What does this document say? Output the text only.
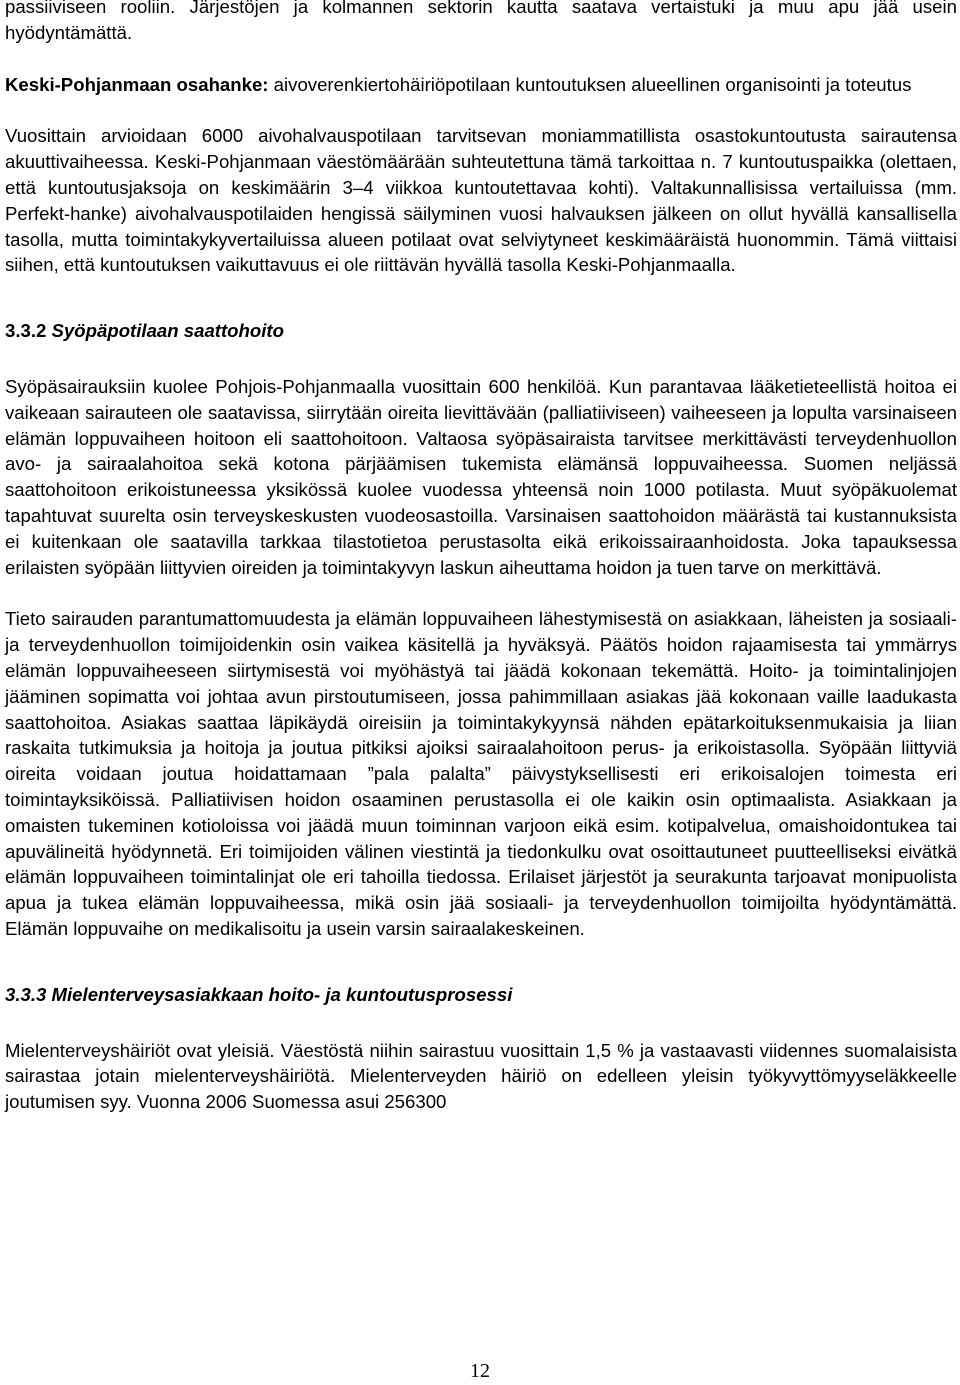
passiiviseen rooliin. Järjestöjen ja kolmannen sektorin kautta saatava vertaistuki ja muu apu jää usein hyödyntämättä.

Keski-Pohjanmaan osahanke: aivoverenkiertohäiriöpotilaan kuntoutuksen alueellinen organisointi ja toteutus

Vuosittain arvioidaan 6000 aivohalvauspotilaan tarvitsevan moniammatillista osastokuntoutusta sairautensa akuuttivaiheessa. Keski-Pohjanmaan väestömäärään suhteutettuna tämä tarkoittaa n. 7 kuntoutuspaikka (olettaen, että kuntoutusjaksoja on keskimäärin 3–4 viikkoa kuntoutettavaa kohti). Valtakunnallisissa vertailuissa (mm. Perfekt-hanke) aivohalvauspotilaiden hengissä säilyminen vuosi halvauksen jälkeen on ollut hyvällä kansallisella tasolla, mutta toimintakykyvertailuissa alueen potilaat ovat selviytyneet keskimääräistä huonommin. Tämä viittaisi siihen, että kuntoutuksen vaikuttavuus ei ole riittävän hyvällä tasolla Keski-Pohjanmaalla.

3.3.2 Syöpäpotilaan saattohoito

Syöpäsairauksiin kuolee Pohjois-Pohjanmaalla vuosittain 600 henkilöä. Kun parantavaa lääketieteellistä hoitoa ei vaikeaan sairauteen ole saatavissa, siirrytään oireita lievittävään (palliatiiviseen) vaiheeseen ja lopulta varsinaiseen elämän loppuvaiheen hoitoon eli saattohoitoon. Valtaosa syöpäsairaista tarvitsee merkittävästi terveydenhuollon avo- ja sairaalahoitoa sekä kotona pärjäämisen tukemista elämänsä loppuvaiheessa. Suomen neljässä saattohoitoon erikoistuneessa yksikössä kuolee vuodessa yhteensä noin 1000 potilasta. Muut syöpäkuolemat tapahtuvat suurelta osin terveyskeskusten vuodeosastoilla. Varsinaisen saattohoidon määrästä tai kustannuksista ei kuitenkaan ole saatavilla tarkkaa tilastotietoa perustasolta eikä erikoissairaanhoidosta. Joka tapauksessa erilaisten syöpään liittyvien oireiden ja toimintakyvyn laskun aiheuttama hoidon ja tuen tarve on merkittävä.

Tieto sairauden parantumattomuudesta ja elämän loppuvaiheen lähestymisestä on asiakkaan, läheisten ja sosiaali- ja terveydenhuollon toimijoidenkin osin vaikea käsitellä ja hyväksyä. Päätös hoidon rajaamisesta tai ymmärrys elämän loppuvaiheeseen siirtymisestä voi myöhästyä tai jäädä kokonaan tekemättä. Hoito- ja toimintalinjojen jääminen sopimatta voi johtaa avun pirstoutumiseen, jossa pahimmillaan asiakas jää kokonaan vaille laadukasta saattohoitoa. Asiakas saattaa läpikäydä oireisiin ja toimintakykyynsä nähden epätarkoituksenmukaisia ja liian raskaita tutkimuksia ja hoitoja ja joutua pitkiksi ajoiksi sairaalahoitoon perus- ja erikoistasolla. Syöpään liittyviä oireita voidaan joutua hoidattamaan ”pala palalta” päivystyksellisesti eri erikoisalojen toimesta eri toimintayksiköissä. Palliatiivisen hoidon osaaminen perustasolla ei ole kaikin osin optimaalista. Asiakkaan ja omaisten tukeminen kotioloissa voi jäädä muun toiminnan varjoon eikä esim. kotipalvelua, omaishoidontukea tai apuvälineitä hyödynnetä. Eri toimijoiden välinen viestintä ja tiedonkulku ovat osoittautuneet puutteelliseksi eivätkä elämän loppuvaiheen toimintalinjat ole eri tahoilla tiedossa. Erilaiset järjestöt ja seurakunta tarjoavat monipuolista apua ja tukea elämän loppuvaiheessa, mikä osin jää sosiaali- ja terveydenhuollon toimijoilta hyödyntämättä. Elämän loppuvaihe on medikalisoitu ja usein varsin sairaalakeskeinen.

3.3.3 Mielenterveysasiakkaan hoito- ja kuntoutusprosessi

Mielenterveyshäiriöt ovat yleisiä. Väestöstä niihin sairastuu vuosittain 1,5 % ja vastaavasti viidennes suomalaisista sairastaa jotain mielenterveyshäiriötä. Mielenterveyden häiriö on edelleen yleisin työkyvyttömyyseläkkeelle joutumisen syy. Vuonna 2006 Suomessa asui 256300

12
